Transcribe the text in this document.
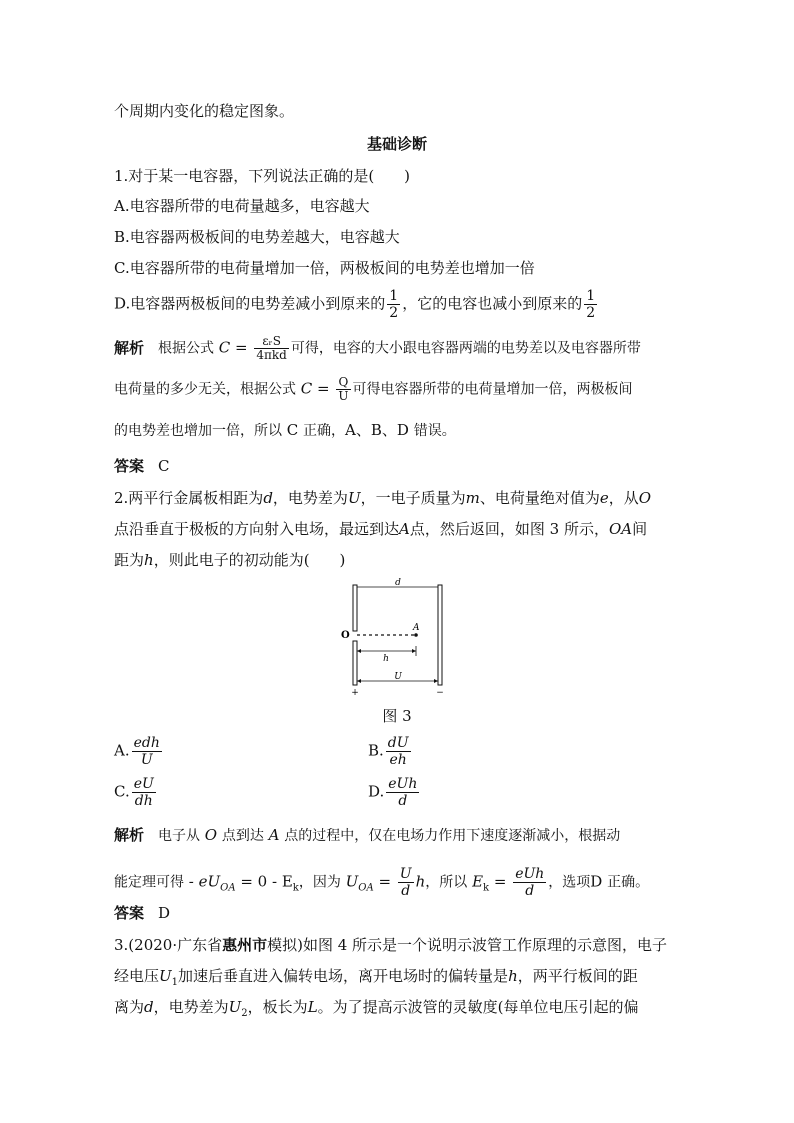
个周期内变化的稳定图象。
基础诊断
1.对于某一电容器，下列说法正确的是(　　)
A.电容器所带的电荷量越多，电容越大
B.电容器两极板间的电势差越大，电容越大
C.电容器所带的电荷量增加一倍，两极板间的电势差也增加一倍
D.电容器两极板间的电势差减小到原来的 $\frac{1}{2}$ ，它的电容也减小到原来的 $\frac{1}{2}$
解析 根据公式 $C = \frac{\text{εᵣS}}{\text{4πkd}}$ 可得，电容的大小跟电容器两端的电势差以及电容器所带
电荷量的多少无关，根据公式 $C = \frac{Q}{U}$ 可得电容器所带的电荷量增加一倍，两极板间
的电势差也增加一倍，所以 C 正确，A、B、D 错误。
答案 C
2.两平行金属板相距为d，电势差为U，一电子质量为m、电荷量绝对值为e，从O
点沿垂直于极板的方向射入电场，最远到达A点，然后返回，如图 3 所示，OA间
距为h，则此电子的初动能为(　　)
d
O
A
h
U
+	−
图 3
A. $\frac{\text{edh}}{U}$	B. $\frac{dU}{eh}$
C. $\frac{eU}{dh}$	D. $\frac{\text{eUh}}{d}$
解析 电子从 O 点到达 A 点的过程中，仅在电场力作用下速度逐渐减小，根据动
能定理可得 - $eU_{OA} = 0 - E_k$，因为 $U_{OA} = \frac{U}{d}$ h，所以 $E_k = \frac{\text{eUh}}{d}$ ，选项D 正确。
答案 D
3.(2020·广东省惠州市模拟)如图 4 所示是一个说明示波管工作原理的示意图，电子
经电压$U_1$加速后垂直进入偏转电场，离开电场时的偏转量是h，两平行板间的距
离为d，电势差为$U_2$，板长为L。为了提高示波管的灵敏度(每单位电压引起的偏
